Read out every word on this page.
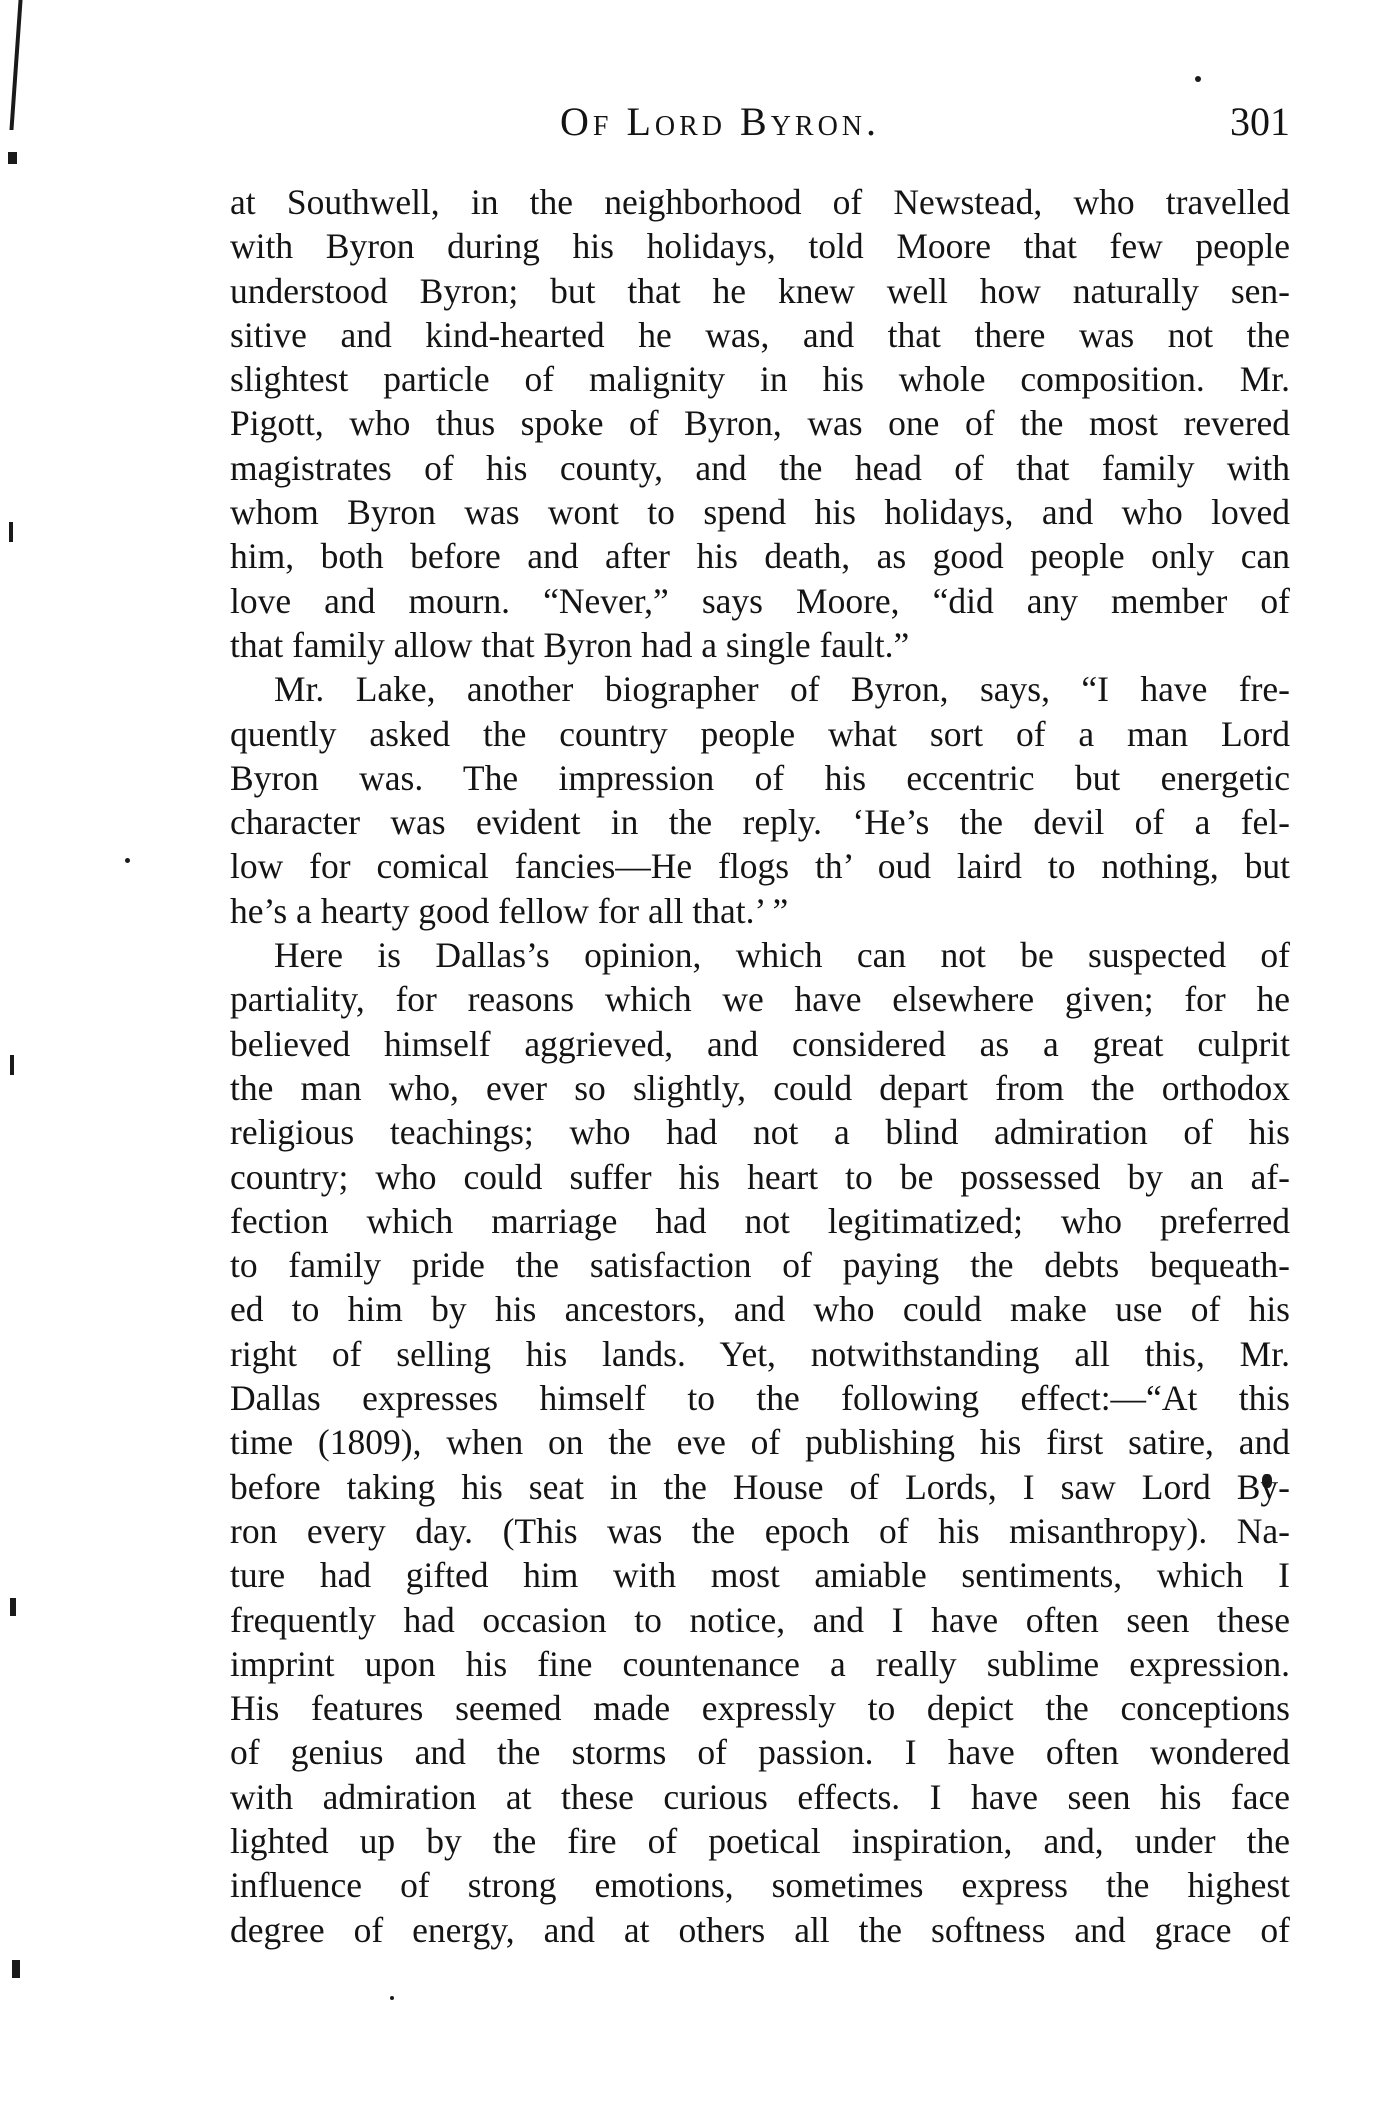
Of Lord Byron.	301
at Southwell, in the neighborhood of Newstead, who travelled
with Byron during his holidays, told Moore that few people
understood Byron; but that he knew well how naturally sen-
sitive and kind-hearted he was, and that there was not the
slightest particle of malignity in his whole composition. Mr.
Pigott, who thus spoke of Byron, was one of the most revered
magistrates of his county, and the head of that family with
whom Byron was wont to spend his holidays, and who loved
him, both before and after his death, as good people only can
love and mourn. “Never,” says Moore, “did any member of
that family allow that Byron had a single fault.”
Mr. Lake, another biographer of Byron, says, “I have fre-
quently asked the country people what sort of a man Lord
Byron was. The impression of his eccentric but energetic
character was evident in the reply. ‘He’s the devil of a fel-
low for comical fancies—He flogs th’ oud laird to nothing, but
he’s a hearty good fellow for all that.’ ”
Here is Dallas’s opinion, which can not be suspected of
partiality, for reasons which we have elsewhere given; for he
believed himself aggrieved, and considered as a great culprit
the man who, ever so slightly, could depart from the orthodox
religious teachings; who had not a blind admiration of his
country; who could suffer his heart to be possessed by an af-
fection which marriage had not legitimatized; who preferred
to family pride the satisfaction of paying the debts bequeath-
ed to him by his ancestors, and who could make use of his
right of selling his lands. Yet, notwithstanding all this, Mr.
Dallas expresses himself to the following effect:—“At this
time (1809), when on the eve of publishing his first satire, and
before taking his seat in the House of Lords, I saw Lord By-
ron every day. (This was the epoch of his misanthropy). Na-
ture had gifted him with most amiable sentiments, which I
frequently had occasion to notice, and I have often seen these
imprint upon his fine countenance a really sublime expression.
His features seemed made expressly to depict the conceptions
of genius and the storms of passion. I have often wondered
with admiration at these curious effects. I have seen his face
lighted up by the fire of poetical inspiration, and, under the
influence of strong emotions, sometimes express the highest
degree of energy, and at others all the softness and grace of
